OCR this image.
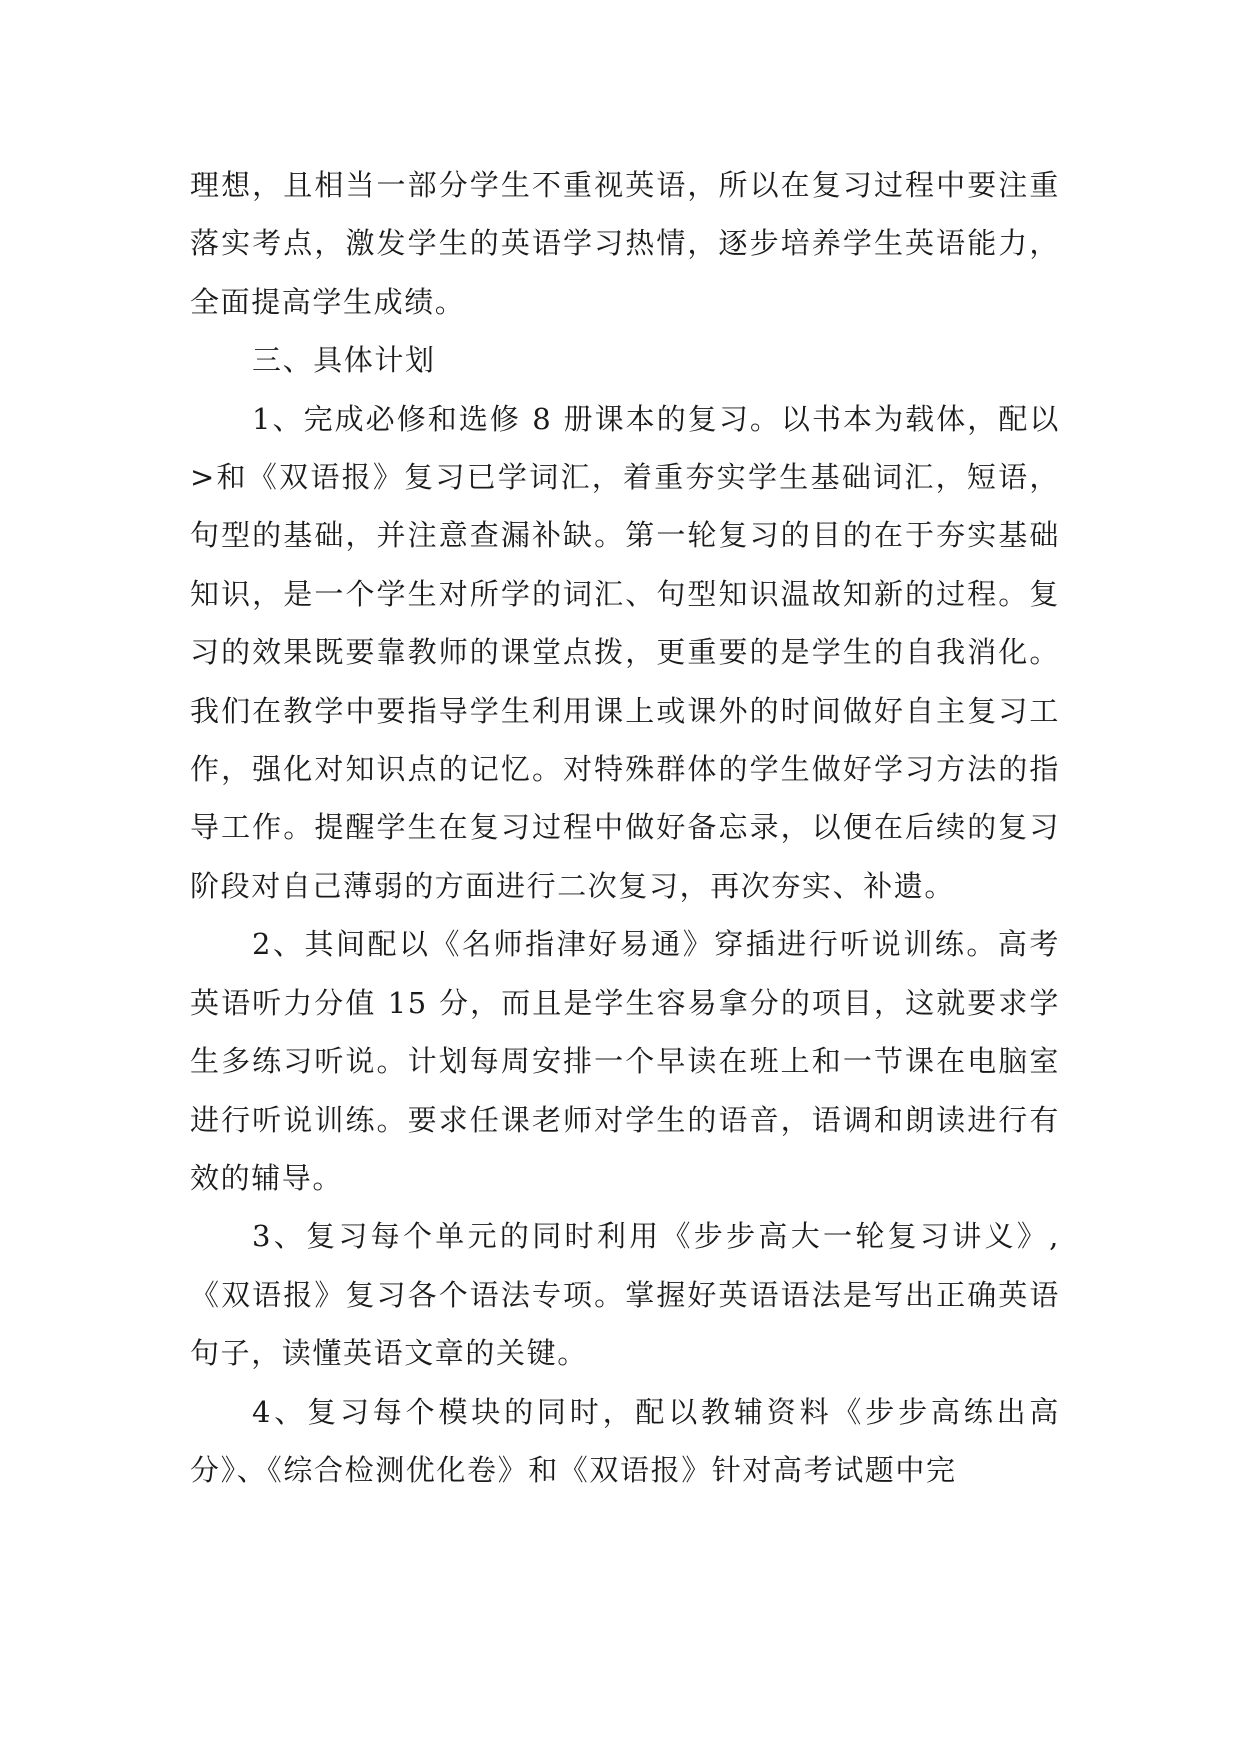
理想，且相当一部分学生不重视英语，所以在复习过程中要注重落实考点，激发学生的英语学习热情，逐步培养学生英语能力，全面提高学生成绩。

三、具体计划

1、完成必修和选修 8 册课本的复习。以书本为载体，配以>和《双语报》复习已学词汇，着重夯实学生基础词汇，短语，句型的基础，并注意查漏补缺。第一轮复习的目的在于夯实基础知识，是一个学生对所学的词汇、句型知识温故知新的过程。复习的效果既要靠教师的课堂点拨，更重要的是学生的自我消化。我们在教学中要指导学生利用课上或课外的时间做好自主复习工作，强化对知识点的记忆。对特殊群体的学生做好学习方法的指导工作。提醒学生在复习过程中做好备忘录，以便在后续的复习阶段对自己薄弱的方面进行二次复习，再次夯实、补遗。

2、其间配以《名师指津好易通》穿插进行听说训练。高考英语听力分值 15 分，而且是学生容易拿分的项目，这就要求学生多练习听说。计划每周安排一个早读在班上和一节课在电脑室进行听说训练。要求任课老师对学生的语音，语调和朗读进行有效的辅导。

3、复习每个单元的同时利用《步步高大一轮复习讲义》,《双语报》复习各个语法专项。掌握好英语语法是写出正确英语句子，读懂英语文章的关键。

4、复习每个模块的同时，配以教辅资料《步步高练出高分》、《综合检测优化卷》和《双语报》针对高考试题中完
